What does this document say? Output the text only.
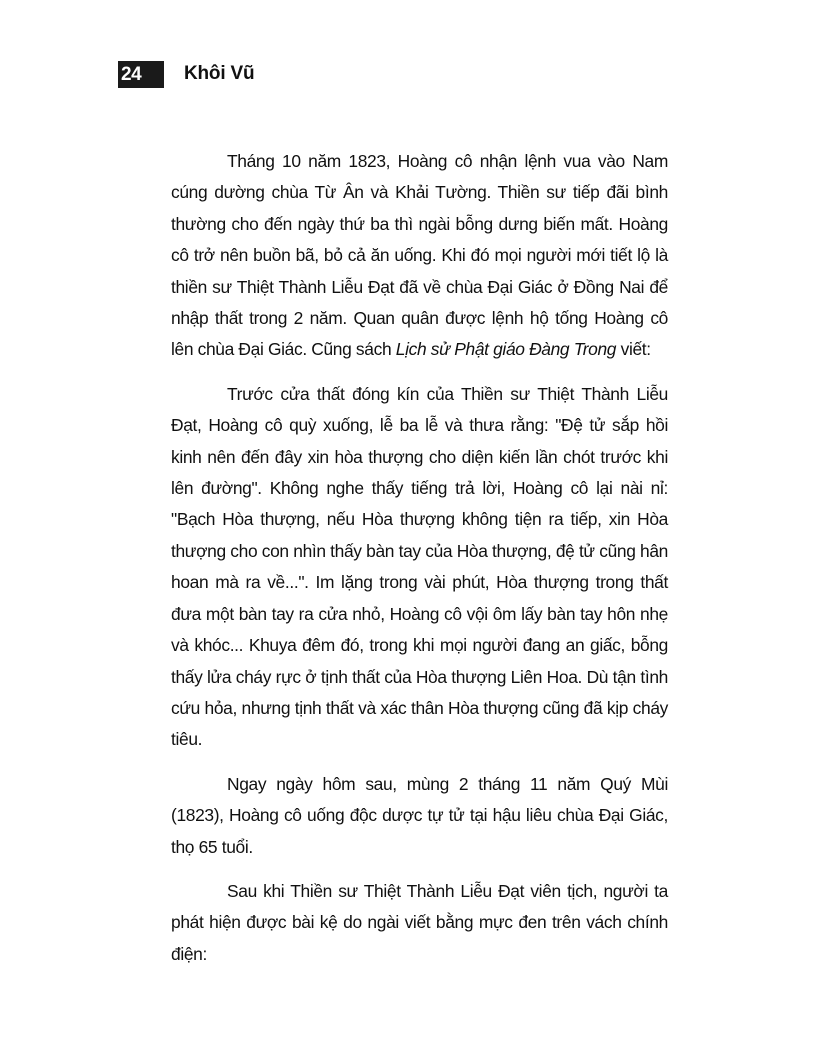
24	Khôi Vũ

Tháng 10 năm 1823, Hoàng cô nhận lệnh vua vào Nam cúng dường chùa Từ Ân và Khải Tường. Thiền sư tiếp đãi bình thường cho đến ngày thứ ba thì ngài bỗng dưng biến mất. Hoàng cô trở nên buồn bã, bỏ cả ăn uống. Khi đó mọi người mới tiết lộ là thiền sư Thiệt Thành Liễu Đạt đã về chùa Đại Giác ở Đồng Nai để nhập thất trong 2 năm. Quan quân được lệnh hộ tống Hoàng cô lên chùa Đại Giác. Cũng sách Lịch sử Phật giáo Đàng Trong viết:

Trước cửa thất đóng kín của Thiền sư Thiệt Thành Liễu Đạt, Hoàng cô quỳ xuống, lễ ba lễ và thưa rằng: "Đệ tử sắp hồi kinh nên đến đây xin hòa thượng cho diện kiến lần chót trước khi lên đường". Không nghe thấy tiếng trả lời, Hoàng cô lại nài nỉ: "Bạch Hòa thượng, nếu Hòa thượng không tiện ra tiếp, xin Hòa thượng cho con nhìn thấy bàn tay của Hòa thượng, đệ tử cũng hân hoan mà ra về...". Im lặng trong vài phút, Hòa thượng trong thất đưa một bàn tay ra cửa nhỏ, Hoàng cô vội ôm lấy bàn tay hôn nhẹ và khóc... Khuya đêm đó, trong khi mọi người đang an giấc, bỗng thấy lửa cháy rực ở tịnh thất của Hòa thượng Liên Hoa. Dù tận tình cứu hỏa, nhưng tịnh thất và xác thân Hòa thượng cũng đã kịp cháy tiêu.

Ngay ngày hôm sau, mùng 2 tháng 11 năm Quý Mùi (1823), Hoàng cô uống độc dược tự tử tại hậu liêu chùa Đại Giác, thọ 65 tuổi.

Sau khi Thiền sư Thiệt Thành Liễu Đạt viên tịch, người ta phát hiện được bài kệ do ngài viết bằng mực đen trên vách chính điện:
